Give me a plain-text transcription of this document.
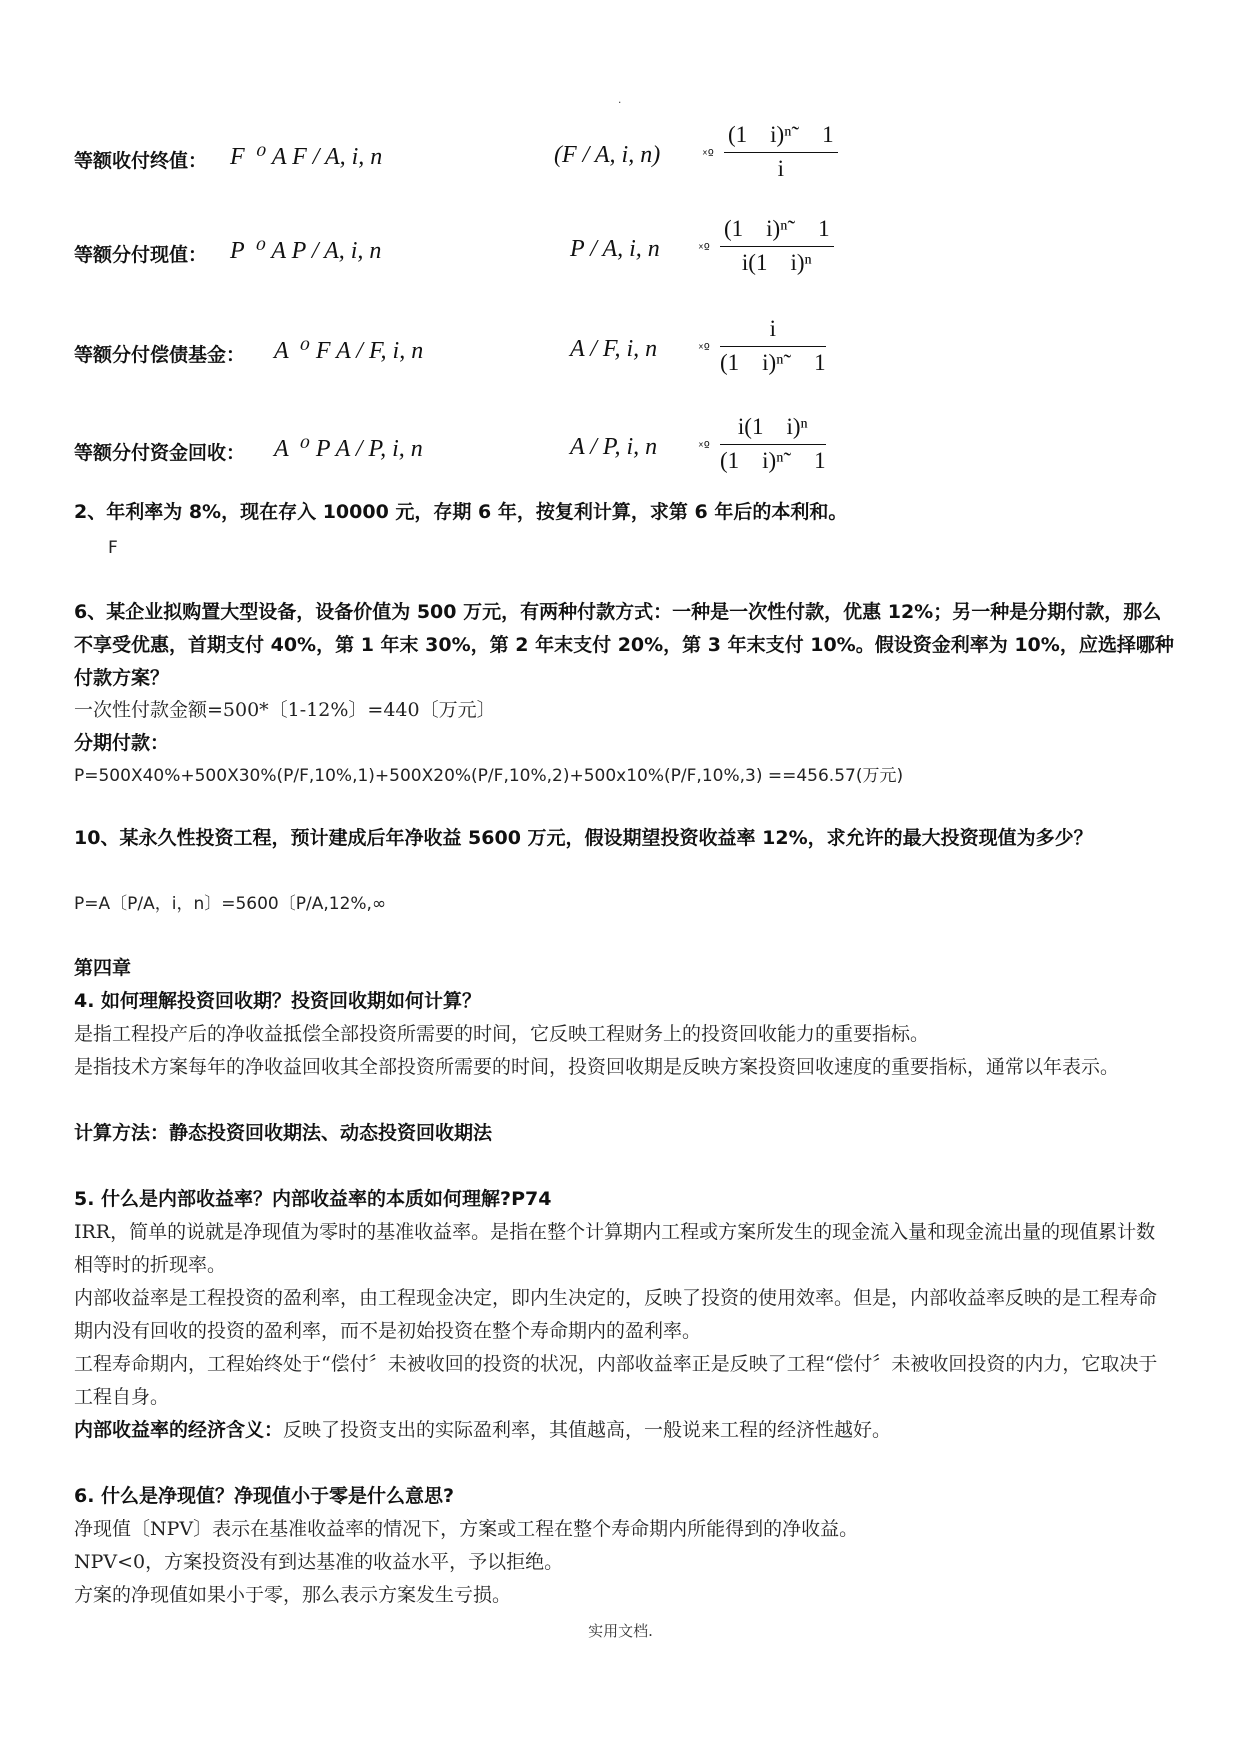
.
等额收付终值： F  ⁰ A F / A, i, n	(F / A, i, n)	ˣº $\frac{\text{(1    i)ⁿ˜    1}}{i}$
等额分付现值： P  ⁰ A P / A, i, n	P / A, i, n	ˣº $\frac{\text{(1    i)ⁿ˜    1}}{\text{i(1    i)ⁿ}}$
等额分付偿债基金： A  ⁰ F A / F, i, n	A / F, i, n	ˣº $\frac{i}{\text{(1    i)ⁿ˜    1}}$
等额分付资金回收： A  ⁰ P A / P, i, n	A / P, i, n	ˣº $\frac{\text{i(1    i)ⁿ}}{\text{(1    i)ⁿ˜    1}}$
2、年利率为 8%，现在存入 10000 元，存期 6 年，按复利计算，求第 6 年后的本利和。
F
6、某企业拟购置大型设备，设备价值为 500 万元，有两种付款方式：一种是一次性付款，优惠 12%；另一种是分期付款，那么不享受优惠，首期支付 40%，第 1 年末 30%，第 2 年末支付 20%，第 3 年末支付 10%。假设资金利率为 10%，应选择哪种付款方案？
一次性付款金额=500*〔1-12%〕=440〔万元〕
分期付款：
P=500X40%+500X30%(P/F,10%,1)+500X20%(P/F,10%,2)+500x10%(P/F,10%,3) ==456.57(万元)
10、某永久性投资工程，预计建成后年净收益 5600 万元，假设期望投资收益率 12%，求允许的最大投资现值为多少？
P=A〔P/A，i，n〕=5600〔P/A,12%,∞
第四章
4. 如何理解投资回收期？投资回收期如何计算？
是指工程投产后的净收益抵偿全部投资所需要的时间，它反映工程财务上的投资回收能力的重要指标。
是指技术方案每年的净收益回收其全部投资所需要的时间，投资回收期是反映方案投资回收速度的重要指标，通常以年表示。
计算方法：静态投资回收期法、动态投资回收期法
5. 什么是内部收益率？内部收益率的本质如何理解?P74
IRR，简单的说就是净现值为零时的基准收益率。是指在整个计算期内工程或方案所发生的现金流入量和现金流出量的现值累计数相等时的折现率。
内部收益率是工程投资的盈利率，由工程现金决定，即内生决定的，反映了投资的使用效率。但是，内部收益率反映的是工程寿命期内没有回收的投资的盈利率，而不是初始投资在整个寿命期内的盈利率。
工程寿命期内，工程始终处于“偿付〞未被收回的投资的状况，内部收益率正是反映了工程“偿付〞未被收回投资的内力，它取决于工程自身。
内部收益率的经济含义：反映了投资支出的实际盈利率，其值越高，一般说来工程的经济性越好。
6. 什么是净现值？净现值小于零是什么意思?
净现值〔NPV〕表示在基准收益率的情况下，方案或工程在整个寿命期内所能得到的净收益。
NPV<0，方案投资没有到达基准的收益水平，予以拒绝。
方案的净现值如果小于零，那么表示方案发生亏损。
实用文档.
